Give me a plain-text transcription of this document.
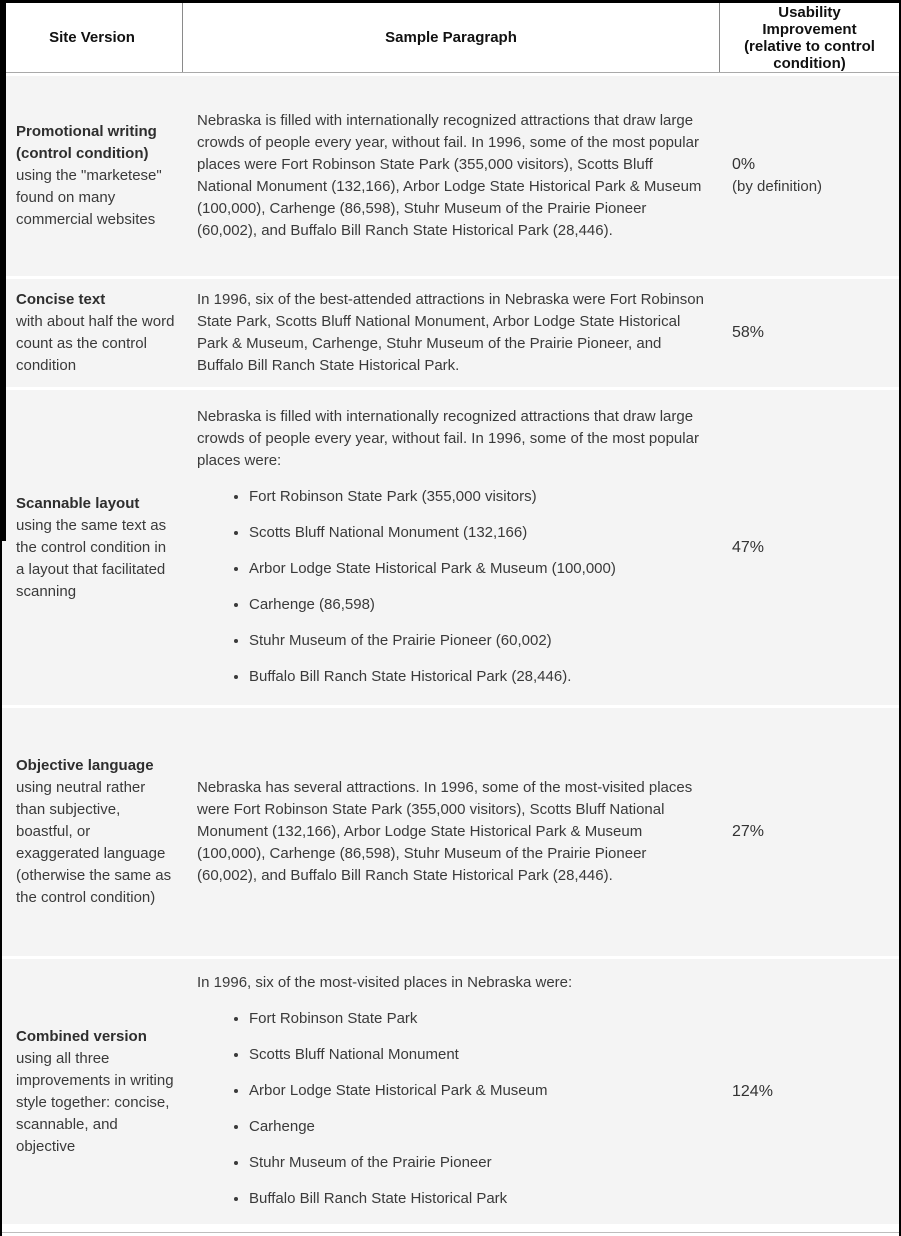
Site Version	Sample Paragraph
Usability Improvement (relative to control condition)
Promotional writing (control condition)
using the "marketese" found on many commercial websites

Nebraska is filled with internationally recognized attractions that draw large crowds of people every year, without fail. In 1996, some of the most popular places were Fort Robinson State Park (355,000 visitors), Scotts Bluff National Monument (132,166), Arbor Lodge State Historical Park & Museum (100,000), Carhenge (86,598), Stuhr Museum of the Prairie Pioneer (60,002), and Buffalo Bill Ranch State Historical Park (28,446).

0%
(by definition)
Concise text
with about half the word count as the control condition

In 1996, six of the best-attended attractions in Nebraska were Fort Robinson State Park, Scotts Bluff National Monument, Arbor Lodge State Historical Park & Museum, Carhenge, Stuhr Museum of the Prairie Pioneer, and Buffalo Bill Ranch State Historical Park.

58%
Scannable layout
using the same text as the control condition in a layout that facilitated scanning

Nebraska is filled with internationally recognized attractions that draw large crowds of people every year, without fail. In 1996, some of the most popular places were:

• Fort Robinson State Park (355,000 visitors)
• Scotts Bluff National Monument (132,166)
• Arbor Lodge State Historical Park & Museum (100,000)
• Carhenge (86,598)
• Stuhr Museum of the Prairie Pioneer (60,002)
• Buffalo Bill Ranch State Historical Park (28,446).
47%
Objective language
using neutral rather than subjective, boastful, or exaggerated language (otherwise the same as the control condition)

Nebraska has several attractions. In 1996, some of the most-visited places were Fort Robinson State Park (355,000 visitors), Scotts Bluff National Monument (132,166), Arbor Lodge State Historical Park & Museum (100,000), Carhenge (86,598), Stuhr Museum of the Prairie Pioneer (60,002), and Buffalo Bill Ranch State Historical Park (28,446).

27%
Combined version
using all three improvements in writing style together: concise, scannable, and objective

In 1996, six of the most-visited places in Nebraska were:

• Fort Robinson State Park
• Scotts Bluff National Monument
• Arbor Lodge State Historical Park & Museum
• Carhenge
• Stuhr Museum of the Prairie Pioneer
• Buffalo Bill Ranch State Historical Park
124%
